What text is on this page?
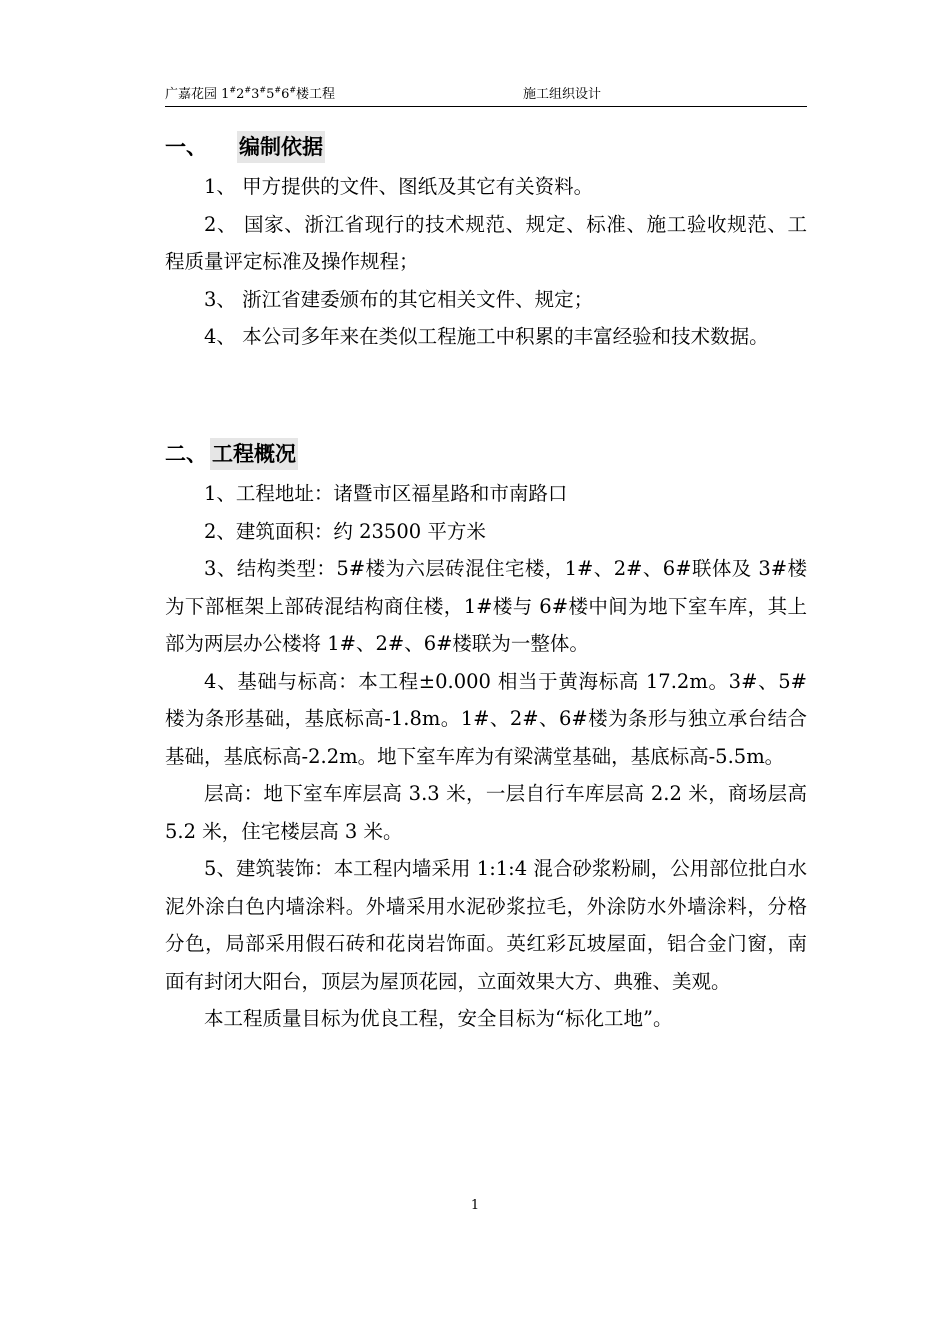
广嘉花园 1#2#3#5#6#楼工程	施工组织设计
一、 编制依据

1、 甲方提供的文件、图纸及其它有关资料。

2、 国家、浙江省现行的技术规范、规定、标准、施工验收规范、工程质量评定标准及操作规程；

3、 浙江省建委颁布的其它相关文件、规定；

4、 本公司多年来在类似工程施工中积累的丰富经验和技术数据。

二、 工程概况

1、工程地址：诸暨市区福星路和市南路口

2、建筑面积：约 23500 平方米

3、结构类型：5#楼为六层砖混住宅楼，1#、2#、6#联体及 3#楼为下部框架上部砖混结构商住楼，1#楼与 6#楼中间为地下室车库，其上部为两层办公楼将 1#、2#、6#楼联为一整体。

4、基础与标高：本工程±0.000 相当于黄海标高 17.2m。3#、5#楼为条形基础，基底标高-1.8m。1#、2#、6#楼为条形与独立承台结合基础，基底标高-2.2m。地下室车库为有梁满堂基础，基底标高-5.5m。

层高：地下室车库层高 3.3 米，一层自行车库层高 2.2 米，商场层高 5.2 米，住宅楼层高 3 米。

5、建筑装饰：本工程内墙采用 1:1:4 混合砂浆粉刷，公用部位批白水泥外涂白色内墙涂料。外墙采用水泥砂浆拉毛，外涂防水外墙涂料，分格分色，局部采用假石砖和花岗岩饰面。英红彩瓦坡屋面，铝合金门窗，南面有封闭大阳台，顶层为屋顶花园，立面效果大方、典雅、美观。

本工程质量目标为优良工程，安全目标为“标化工地”。

1
